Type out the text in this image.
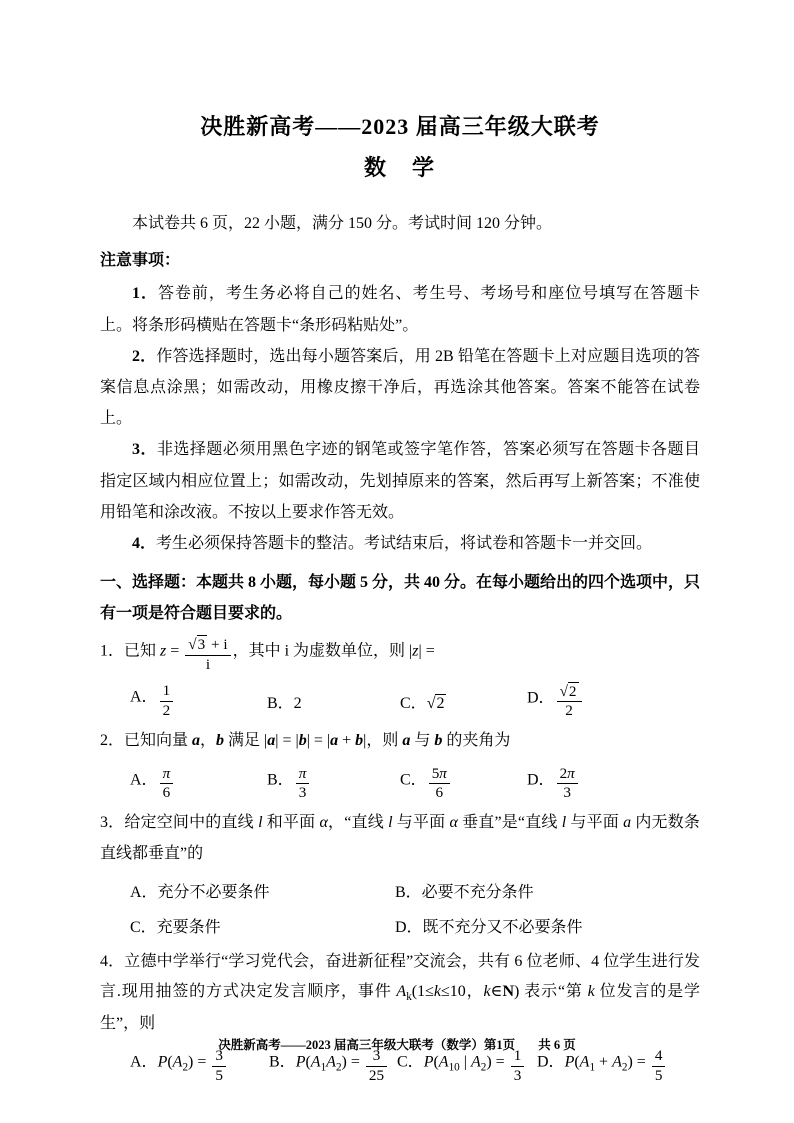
决胜新高考——2023 届高三年级大联考
数　学

本试卷共 6 页，22 小题，满分 150 分。考试时间 120 分钟。

注意事项：

1．答卷前，考生务必将自己的姓名、考生号、考场号和座位号填写在答题卡上。将条形码横贴在答题卡“条形码粘贴处”。

2．作答选择题时，选出每小题答案后，用 2B 铅笔在答题卡上对应题目选项的答案信息点涂黑；如需改动，用橡皮擦干净后，再选涂其他答案。答案不能答在试卷上。

3．非选择题必须用黑色字迹的钢笔或签字笔作答，答案必须写在答题卡各题目指定区域内相应位置上；如需改动，先划掉原来的答案，然后再写上新答案；不准使用铅笔和涂改液。不按以上要求作答无效。

4．考生必须保持答题卡的整洁。考试结束后，将试卷和答题卡一并交回。

一、选择题：本题共 8 小题，每小题 5 分，共 40 分。在每小题给出的四个选项中，只有一项是符合题目要求的。

1．已知 $z = \frac{√3 + i}{i}$ ，其中 i 为虚数单位，则 |z| =

A． $\frac{1}{2}$	B．2	C．√2	D． $\frac{√2}{2}$

2．已知向量 a，b 满足 |a| = |b| = |a + b|，则 a 与 b 的夹角为

A． $\frac{\pi}{6}$	B． $\frac{\pi}{3}$	C． $\frac{5\pi}{6}$	D． $\frac{2\pi}{3}$

3．给定空间中的直线 l 和平面 α，“直线 l 与平面 α 垂直”是“直线 l 与平面 a 内无数条直线都垂直”的

A．充分不必要条件	B．必要不充分条件
C．充要条件	D．既不充分又不必要条件

4．立德中学举行“学习党代会，奋进新征程”交流会，共有 6 位老师、4 位学生进行发言.现用抽签的方式决定发言顺序，事件 $A_k(1\le k\le 10$，k∈N) 表示“第 k 位发言的是学生”，则

A．$P(A_2) = \frac{3}{5}$	B．$P(A_1A_2) = \frac{3}{25}$ C．$P(A_{10}$ | $A_2) = \frac{1}{3}$ D．$P(A_1 + A_2) = \frac{4}{5}$
决胜新高考——2023 届高三年级大联考（数学）第1页 共 6 页
